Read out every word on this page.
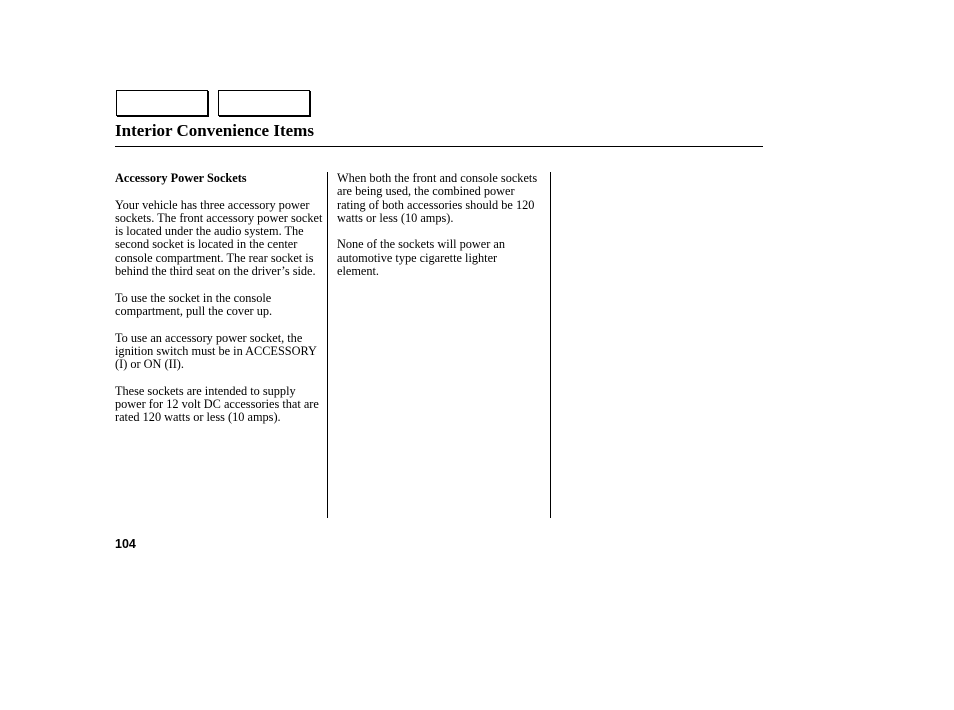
Interior Convenience Items

Accessory Power Sockets

Your vehicle has three accessory power sockets. The front accessory power socket is located under the audio system. The second socket is located in the center console compartment. The rear socket is behind the third seat on the driver’s side.

To use the socket in the console compartment, pull the cover up.

To use an accessory power socket, the ignition switch must be in ACCESSORY (I) or ON (II).

These sockets are intended to supply power for 12 volt DC accessories that are rated 120 watts or less (10 amps).

When both the front and console sockets are being used, the combined power rating of both accessories should be 120 watts or less (10 amps).

None of the sockets will power an automotive type cigarette lighter element.

104
